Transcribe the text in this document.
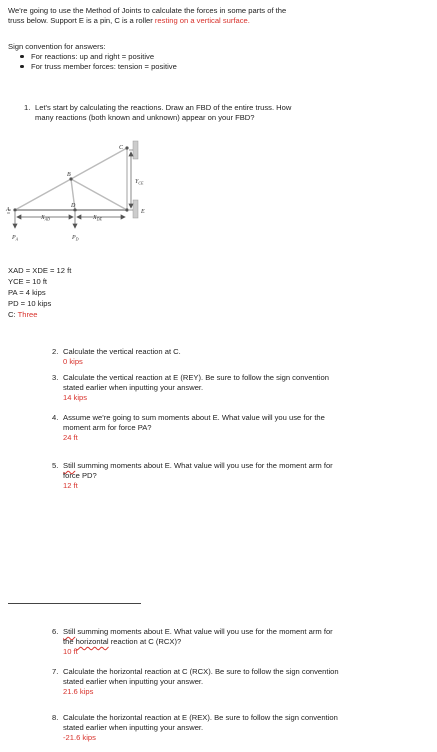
We're going to use the Method of Joints to calculate the forces in some parts of the

truss below. Support E is a pin, C is a roller resting on a vertical surface.

Sign convention for answers:

For reactions: up and right = positive
For truss member forces: tension = positive
1. Let's start by calculating the reactions. Draw an FBD of the entire truss. How

many reactions (both known and unknown) appear on your FBD?

A
B
C
D
E
$X_{AD}$	$X_{DE}$
$Y_{CE}$
$P_A$	$P_D$

XAD = XDE = 12 ft

YCE = 10 ft

PA = 4 kips

PD = 10 kips

C: Three

2. Calculate the vertical reaction at C.

0 kips

3. Calculate the vertical reaction at E (REY). Be sure to follow the sign convention

stated earlier when inputting your answer.

14 kips

4. Assume we're going to sum moments about E. What value will you use for the

moment arm for force PA?

24 ft

5. Still summing moments about E. What value will you use for the moment arm for

force PD?

12 ft

6. Still summing moments about E. What value will you use for the moment arm for

the horizontal reaction at C (RCX)?

10 ft

7. Calculate the horizontal reaction at C (RCX). Be sure to follow the sign convention

stated earlier when inputting your answer.

21.6 kips

8. Calculate the horizontal reaction at E (REX). Be sure to follow the sign convention

stated earlier when inputting your answer.

-21.6 kips
